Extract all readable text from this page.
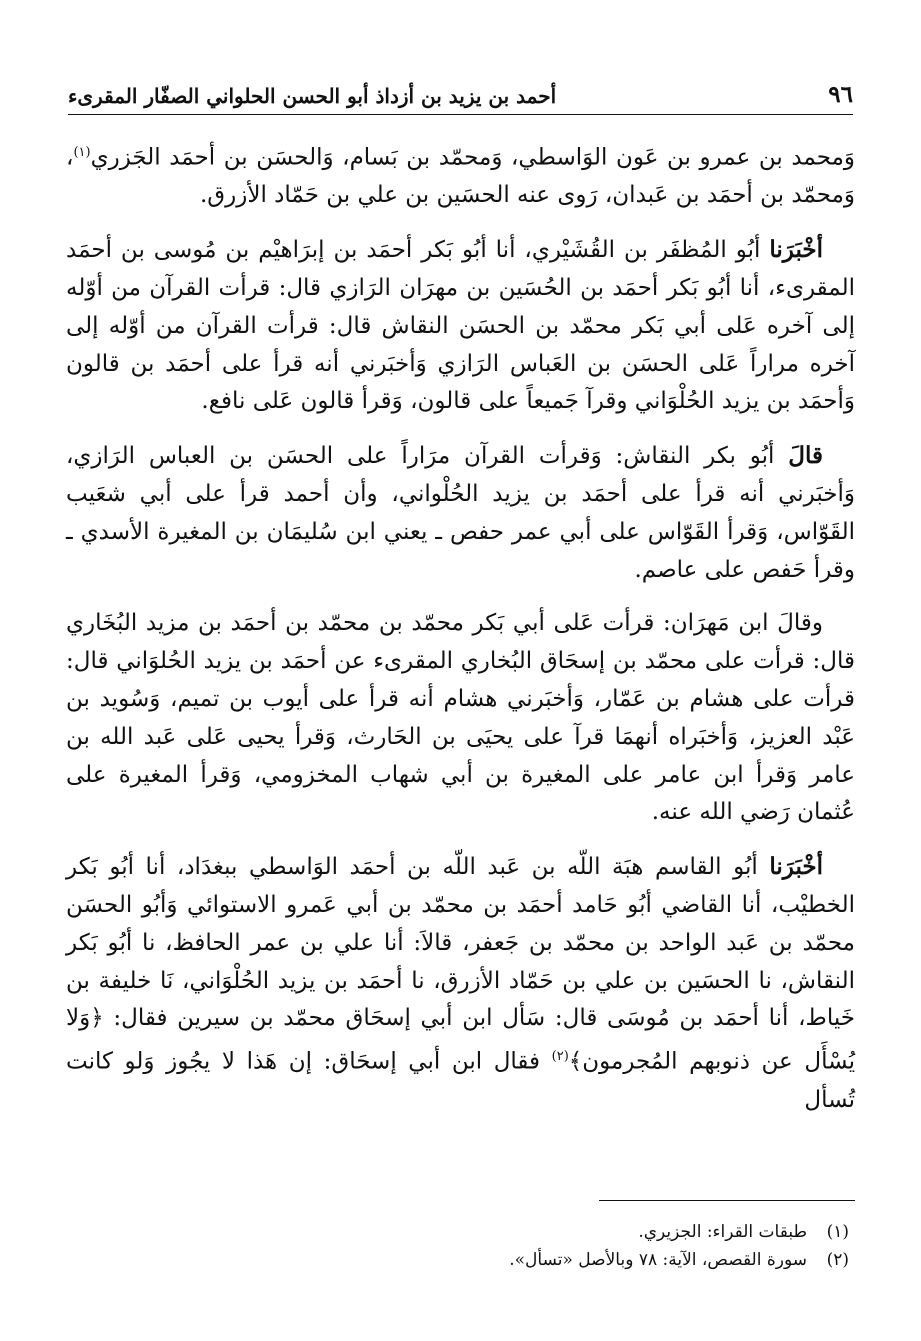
٩٦
أحمد بن يزيد بن أزداذ أبو الحسن الحلواني الصفّار المقرىء

وَمحمد بن عمرو بن عَون الوَاسطي، وَمحمّد بن بَسام، وَالحسَن بن أحمَد الجَزري$^{(١)}$، وَمحمّد بن أحمَد بن عَبدان، رَوى عنه الحسَين بن علي بن حَمّاد الأزرق.

أخْبَرَنا أبُو المُظفَر بن القُشَيْري، أنا أبُو بَكر أحمَد بن إبرَاهيْم بن مُوسى بن أحمَد المقرىء، أنا أبُو بَكر أحمَد بن الحُسَين بن مهرَان الرَازي قال: قرأت القرآن من أوّله إلى آخره عَلى أبي بَكر محمّد بن الحسَن النقاش قال: قرأت القرآن من أوّله إلى آخره مراراً عَلى الحسَن بن العَباس الرَازي وَأخبَرني أنه قرأ على أحمَد بن قالون وَأحمَد بن يزيد الحُلْوَاني وقرآ جَميعاً على قالون، وَقرأ قالون عَلى نافع.

قالَ أبُو بكر النقاش: وَقرأت القرآن مرَاراً على الحسَن بن العباس الرَازي، وَأخبَرني أنه قرأ على أحمَد بن يزيد الحُلْواني، وأن أحمد قرأ على أبي شعَيب القَوّاس، وَقرأ القَوّاس على أبي عمر حفص ـ يعني ابن سُليمَان بن المغيرة الأسدي ـ وقرأ حَفص على عاصم.

وقالَ ابن مَهرَان: قرأت عَلى أبي بَكر محمّد بن محمّد بن أحمَد بن مزيد البُخَاري قال: قرأت على محمّد بن إسحَاق البُخاري المقرىء عن أحمَد بن يزيد الحُلوَاني قال: قرأت على هشام بن عَمّار، وَأخبَرني هشام أنه قرأ على أيوب بن تميم، وَسُويد بن عَبْد العزيز، وَأخبَراه أنهمَا قرآ على يحيَى بن الحَارث، وَقرأ يحيى عَلى عَبد الله بن عامر وَقرأ ابن عامر على المغيرة بن أبي شهاب المخزومي، وَقرأ المغيرة على عُثمان رَضي الله عنه.

أخْبَرَنا أبُو القاسم هبَة اللّه بن عَبد اللّه بن أحمَد الوَاسطي ببغدَاد، أنا أبُو بَكر الخطيْب، أنا القاضي أبُو حَامد أحمَد بن محمّد بن أبي عَمرو الاستوائي وَأبُو الحسَن محمّد بن عَبد الواحد بن محمّد بن جَعفر، قالاَ: أنا علي بن عمر الحافظ، نا أبُو بَكر النقاش، نا الحسَين بن علي بن حَمّاد الأزرق، نا أحمَد بن يزيد الحُلْوَاني، نَا خليفة بن خَياط، أنا أحمَد بن مُوسَى قال: سَأل ابن أبي إسحَاق محمّد بن سيرين فقال: ﴿وَلا يُسْأَل عن ذنوبهم المُجرمون﴾$^{(٢)}$ فقال ابن أبي إسحَاق: إن هَذا لا يجُوز وَلو كانت تُسأل

(١)
طبقات القراء: الجزيري.
(٢)
سورة القصص، الآية: ٧٨ وبالأصل «تسأل».
